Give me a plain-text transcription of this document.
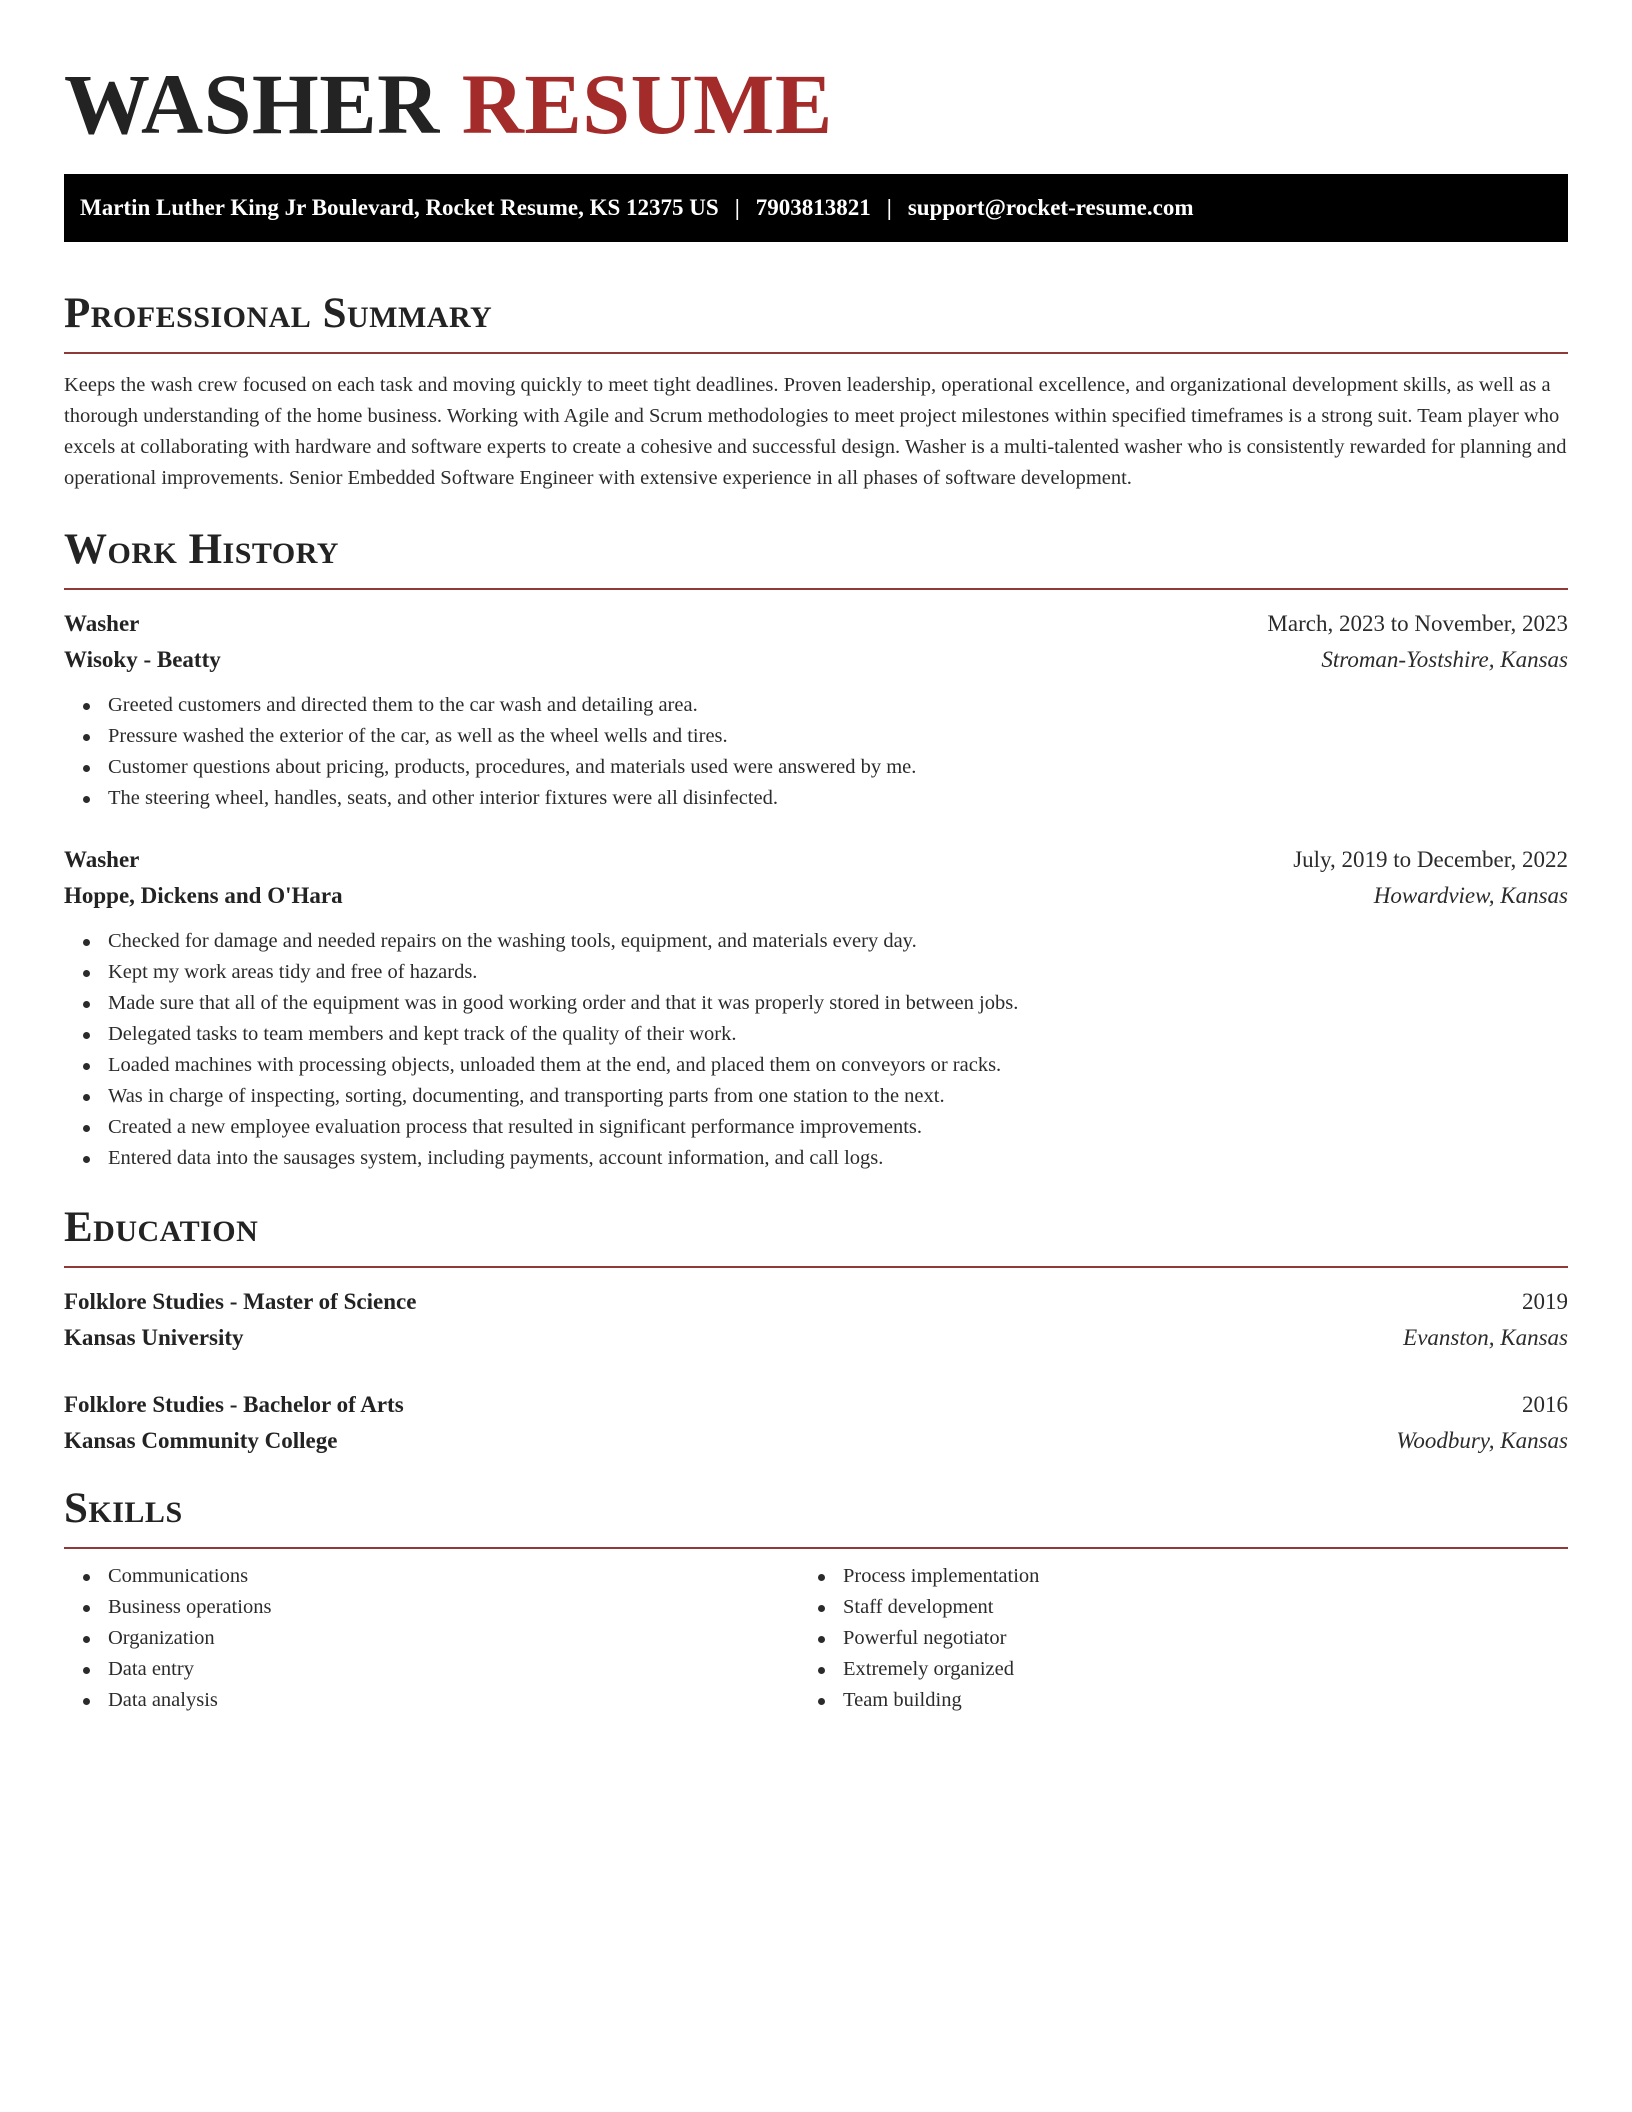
WASHER RESUME
Martin Luther King Jr Boulevard, Rocket Resume, KS 12375 US | 7903813821 | support@rocket-resume.com
Professional Summary

Keeps the wash crew focused on each task and moving quickly to meet tight deadlines. Proven leadership, operational excellence, and organizational development skills, as well as a thorough understanding of the home business. Working with Agile and Scrum methodologies to meet project milestones within specified timeframes is a strong suit. Team player who excels at collaborating with hardware and software experts to create a cohesive and successful design. Washer is a multi-talented washer who is consistently rewarded for planning and operational improvements. Senior Embedded Software Engineer with extensive experience in all phases of software development.

Work History
Washer	March, 2023 to November, 2023
Wisoky - Beatty	Stroman-Yostshire, Kansas
Greeted customers and directed them to the car wash and detailing area.
Pressure washed the exterior of the car, as well as the wheel wells and tires.
Customer questions about pricing, products, procedures, and materials used were answered by me.
The steering wheel, handles, seats, and other interior fixtures were all disinfected.
Washer	July, 2019 to December, 2022
Hoppe, Dickens and O'Hara	Howardview, Kansas
Checked for damage and needed repairs on the washing tools, equipment, and materials every day.
Kept my work areas tidy and free of hazards.
Made sure that all of the equipment was in good working order and that it was properly stored in between jobs.
Delegated tasks to team members and kept track of the quality of their work.
Loaded machines with processing objects, unloaded them at the end, and placed them on conveyors or racks.
Was in charge of inspecting, sorting, documenting, and transporting parts from one station to the next.
Created a new employee evaluation process that resulted in significant performance improvements.
Entered data into the sausages system, including payments, account information, and call logs.
Education
Folklore Studies - Master of Science	2019
Kansas University	Evanston, Kansas
Folklore Studies - Bachelor of Arts	2016
Kansas Community College	Woodbury, Kansas
Skills
Communications
Business operations
Organization
Data entry
Data analysis
Process implementation
Staff development
Powerful negotiator
Extremely organized
Team building
